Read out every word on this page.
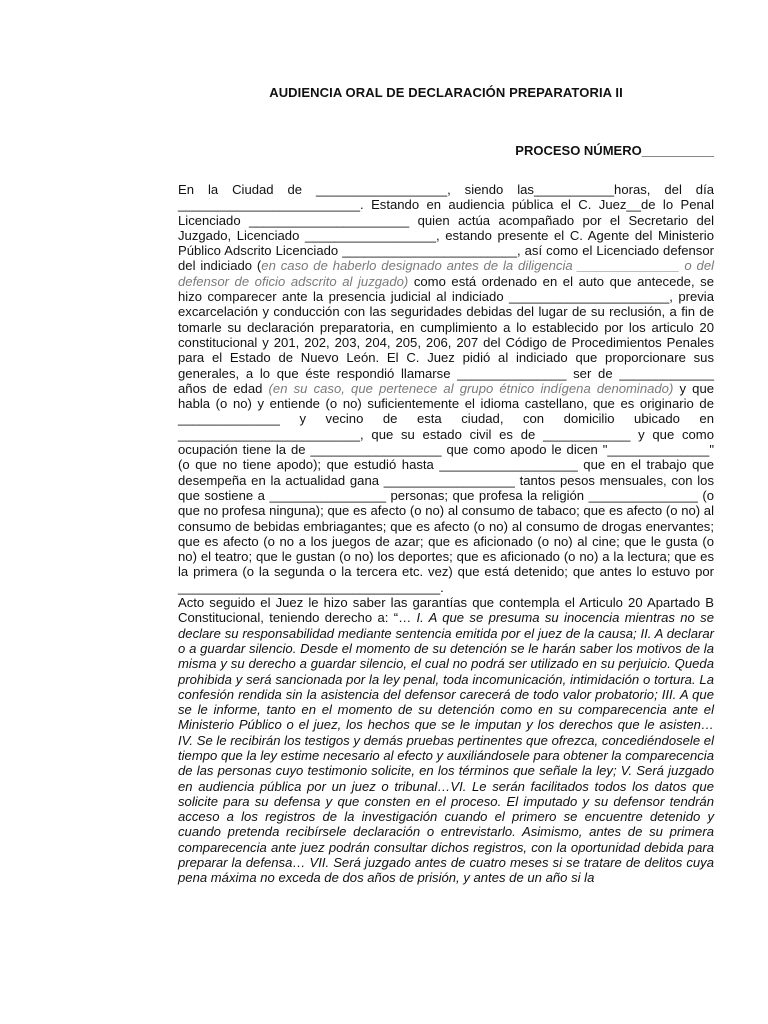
AUDIENCIA ORAL DE DECLARACIÓN PREPARATORIA II
PROCESO NÚMERO__________

En la Ciudad de __________________, siendo las___________horas, del día _________________________. Estando en audiencia pública el C. Juez__de lo Penal Licenciado ______________________ quien actúa acompañado por el Secretario del Juzgado, Licenciado __________________, estando presente el C. Agente del Ministerio Público Adscrito Licenciado ________________________, así como el Licenciado defensor del indiciado (en caso de haberlo designado antes de la diligencia ______________ o del defensor de oficio adscrito al juzgado) como está ordenado en el auto que antecede, se hizo comparecer ante la presencia judicial al indiciado ______________________, previa excarcelación y conducción con las seguridades debidas del lugar de su reclusión, a fin de tomarle su declaración preparatoria, en cumplimiento a lo establecido por los articulo 20 constitucional y 201, 202, 203, 204, 205, 206, 207 del Código de Procedimientos Penales para el Estado de Nuevo León. El C. Juez pidió al indiciado que proporcionare sus generales, a lo que éste respondió llamarse _______________ ser de _____________ años de edad (en su caso, que pertenece al grupo étnico indígena denominado) y que habla (o no) y entiende (o no) suficientemente el idioma castellano, que es originario de ______________ y vecino de esta ciudad, con domicilio ubicado en _________________________, que su estado civil es de ____________ y que como ocupación tiene la de __________________ que como apodo le dicen "______________" (o que no tiene apodo); que estudió hasta ___________________ que en el trabajo que desempeña en la actualidad gana __________________ tantos pesos mensuales, con los que sostiene a ________________ personas; que profesa la religión _______________ (o que no profesa ninguna); que es afecto (o no) al consumo de tabaco; que es afecto (o no) al consumo de bebidas embriagantes; que es afecto (o no) al consumo de drogas enervantes; que es afecto (o no a los juegos de azar; que es aficionado (o no) al cine; que le gusta (o no) el teatro; que le gustan (o no) los deportes; que es aficionado (o no) a la lectura; que es la primera (o la segunda o la tercera etc. vez) que está detenido; que antes lo estuvo por ____________________________________.

Acto seguido el Juez le hizo saber las garantías que contempla el Articulo 20 Apartado B Constitucional, teniendo derecho a: “… I. A que se presuma su inocencia mientras no se declare su responsabilidad mediante sentencia emitida por el juez de la causa; II. A declarar o a guardar silencio. Desde el momento de su detención se le harán saber los motivos de la misma y su derecho a guardar silencio, el cual no podrá ser utilizado en su perjuicio. Queda prohibida y será sancionada por la ley penal, toda incomunicación, intimidación o tortura. La confesión rendida sin la asistencia del defensor carecerá de todo valor probatorio; III. A que se le informe, tanto en el momento de su detención como en su comparecencia ante el Ministerio Público o el juez, los hechos que se le imputan y los derechos que le asisten… IV. Se le recibirán los testigos y demás pruebas pertinentes que ofrezca, concediéndosele el tiempo que la ley estime necesario al efecto y auxiliándosele para obtener la comparecencia de las personas cuyo testimonio solicite, en los términos que señale la ley; V. Será juzgado en audiencia pública por un juez o tribunal…VI. Le serán facilitados todos los datos que solicite para su defensa y que consten en el proceso. El imputado y su defensor tendrán acceso a los registros de la investigación cuando el primero se encuentre detenido y cuando pretenda recibírsele declaración o entrevistarlo. Asimismo, antes de su primera comparecencia ante juez podrán consultar dichos registros, con la oportunidad debida para preparar la defensa… VII. Será juzgado antes de cuatro meses si se tratare de delitos cuya pena máxima no exceda de dos años de prisión, y antes de un año si la
